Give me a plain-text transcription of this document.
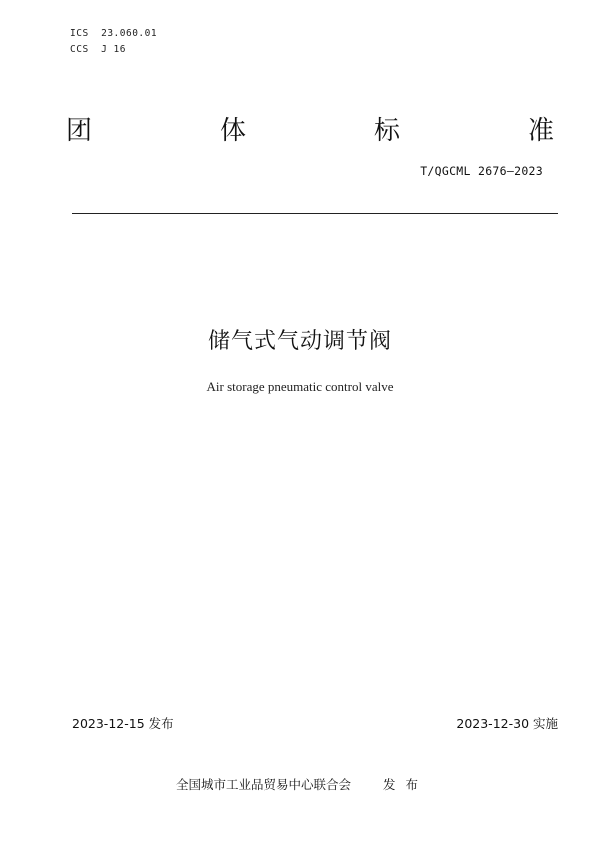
ICS  23.060.01
CCS  J 16
团	体	标	准
T/QGCML 2676—2023
储气式气动调节阀
Air storage pneumatic control valve
2023-12-15 发布	2023-12-30 实施
全国城市工业品贸易中心联合会	发布
